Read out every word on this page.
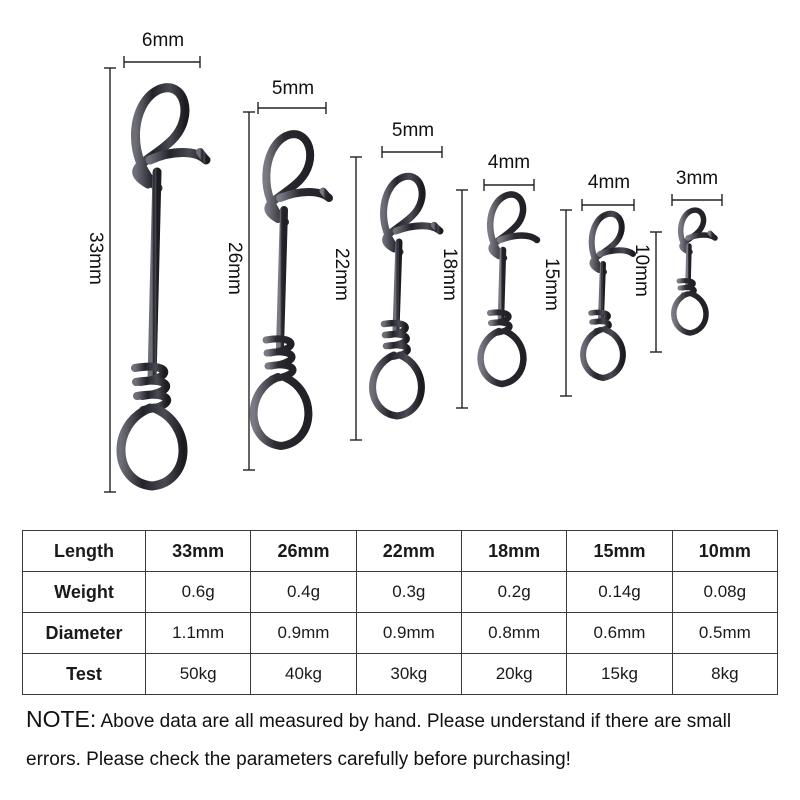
6mm
33mm
5mm
26mm
5mm
22mm
4mm
18mm
4mm
15mm
3mm
10mm
Length	33mm	26mm	22mm	18mm	15mm	10mm
Weight	0.6g	0.4g	0.3g	0.2g	0.14g	0.08g
Diameter	1.1mm	0.9mm	0.9mm	0.8mm	0.6mm	0.5mm
Test	50kg	40kg	30kg	20kg	15kg	8kg
NOTE: Above data are all measured by hand. Please understand if there are small errors. Please check the parameters carefully before purchasing!
